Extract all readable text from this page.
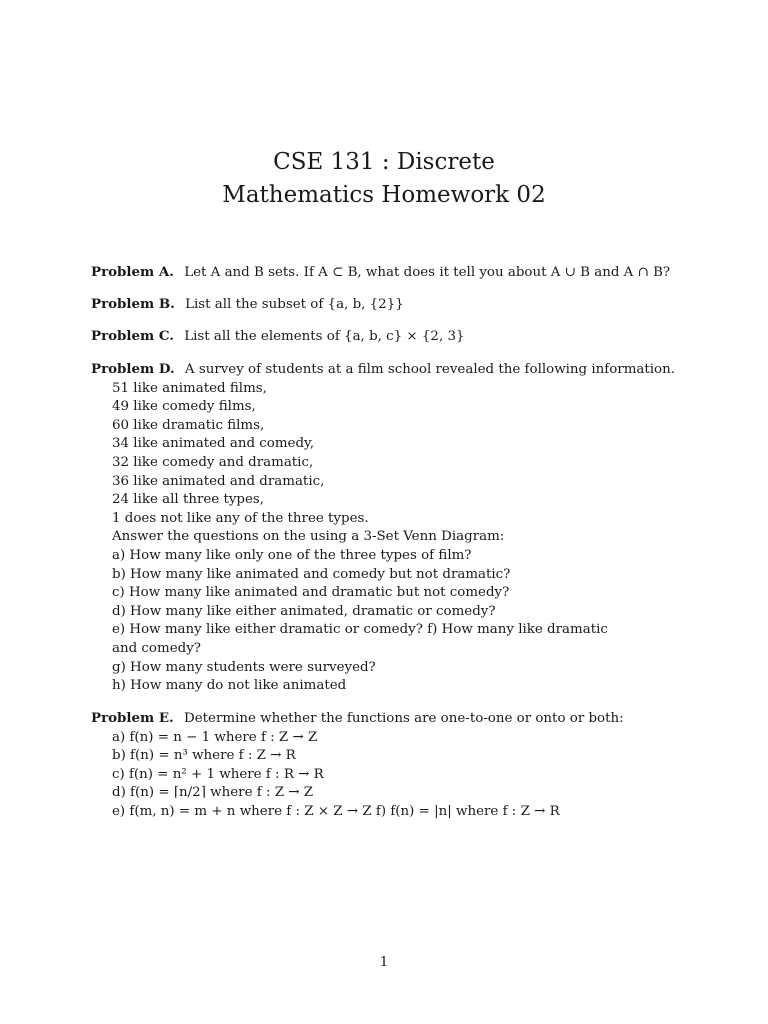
CSE 131 : Discrete
Mathematics Homework 02
Problem A. Let A and B sets. If A ⊂ B, what does it tell you about A ∪ B and A ∩ B?
Problem B. List all the subset of {a, b, {2}}
Problem C. List all the elements of {a, b, c} × {2, 3}
Problem D. A survey of students at a film school revealed the following information.
51 like animated films,
49 like comedy films,
60 like dramatic films,
34 like animated and comedy,
32 like comedy and dramatic,
36 like animated and dramatic,
24 like all three types,
1 does not like any of the three types.
Answer the questions on the using a 3-Set Venn Diagram:
a) How many like only one of the three types of film?
b) How many like animated and comedy but not dramatic?
c) How many like animated and dramatic but not comedy?
d) How many like either animated, dramatic or comedy?
e) How many like either dramatic or comedy? f) How many like dramatic and comedy?
g) How many students were surveyed?
h) How many do not like animated
Problem E. Determine whether the functions are one-to-one or onto or both:
a) f(n) = n − 1 where f : Z → Z
b) f(n) = n³ where f : Z → R
c) f(n) = n² + 1 where f : R → R
d) f(n) = ⌈n/2⌉ where f : Z → Z
e) f(m, n) = m + n where f : Z × Z → Z f) f(n) = |n| where f : Z → R
1
